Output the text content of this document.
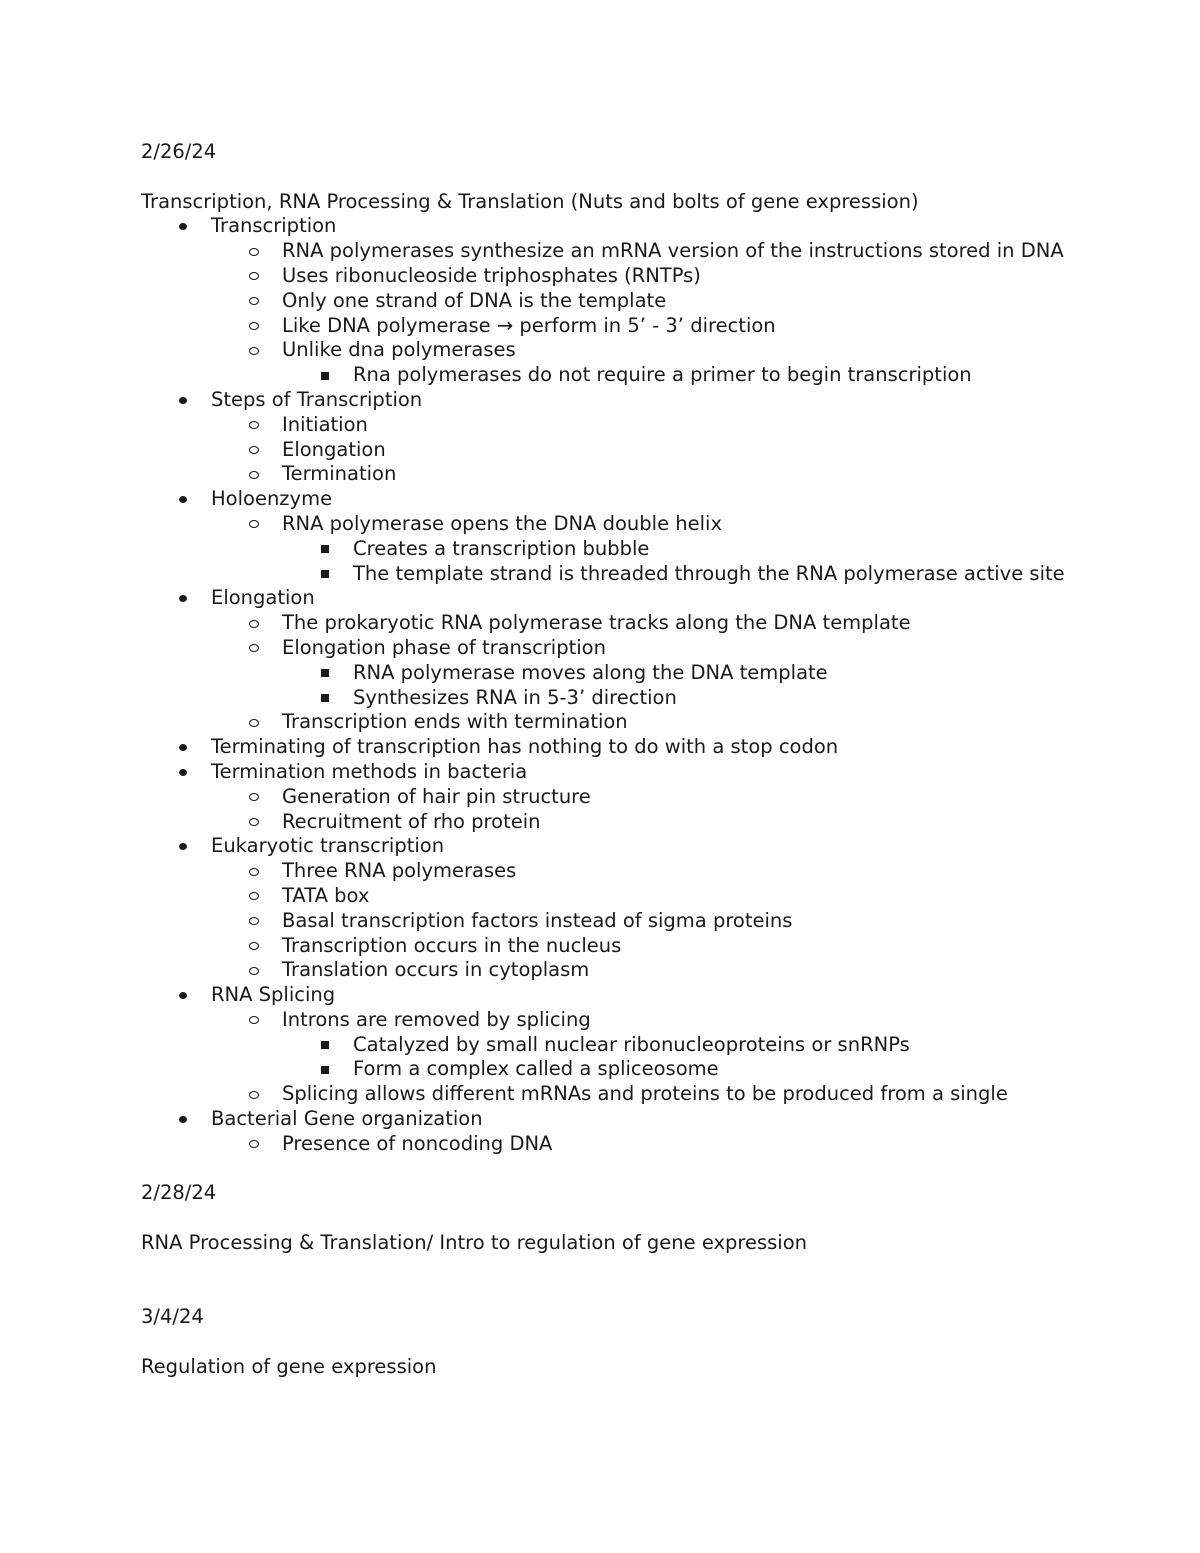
2/26/24
Transcription, RNA Processing & Translation (Nuts and bolts of gene expression)
Transcription
RNA polymerases synthesize an mRNA version of the instructions stored in DNA
Uses ribonucleoside triphosphates (RNTPs)
Only one strand of DNA is the template
Like DNA polymerase → perform in 5’ - 3’ direction
Unlike dna polymerases
Rna polymerases do not require a primer to begin transcription
Steps of Transcription
Initiation
Elongation
Termination
Holoenzyme
RNA polymerase opens the DNA double helix
Creates a transcription bubble
The template strand is threaded through the RNA polymerase active site
Elongation
The prokaryotic RNA polymerase tracks along the DNA template
Elongation phase of transcription
RNA polymerase moves along the DNA template
Synthesizes RNA in 5-3’ direction
Transcription ends with termination
Terminating of transcription has nothing to do with a stop codon
Termination methods in bacteria
Generation of hair pin structure
Recruitment of rho protein
Eukaryotic transcription
Three RNA polymerases
TATA box
Basal transcription factors instead of sigma proteins
Transcription occurs in the nucleus
Translation occurs in cytoplasm
RNA Splicing
Introns are removed by splicing
Catalyzed by small nuclear ribonucleoproteins or snRNPs
Form a complex called a spliceosome
Splicing allows different mRNAs and proteins to be produced from a single
Bacterial Gene organization
Presence of noncoding DNA
2/28/24
RNA Processing & Translation/ Intro to regulation of gene expression
3/4/24
Regulation of gene expression
